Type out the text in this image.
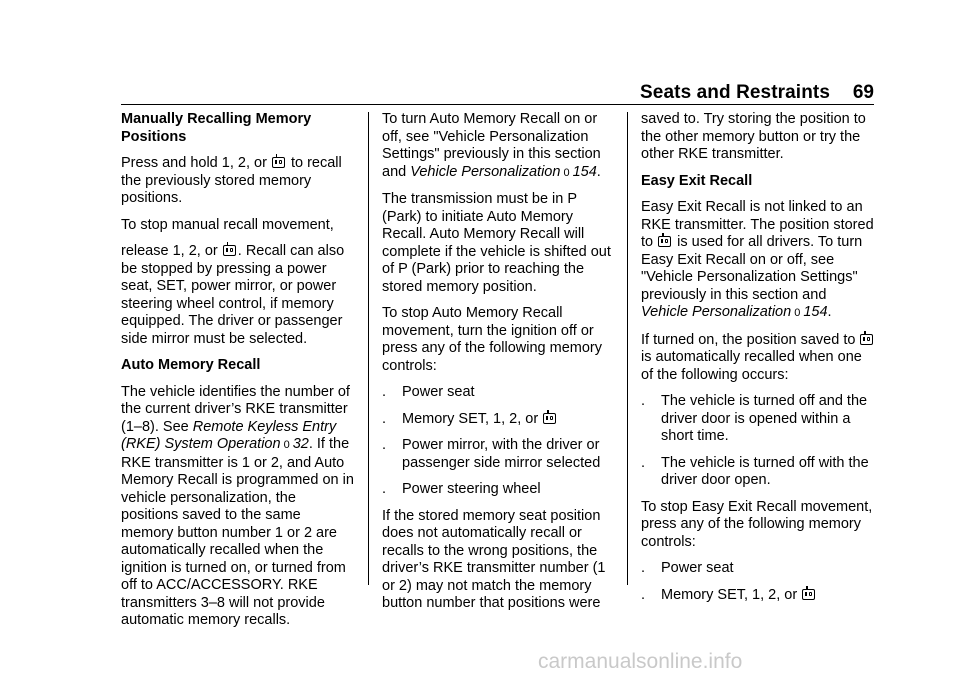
Seats and Restraints 69
Manually Recalling Memory Positions

Press and hold 1, 2, or to recall the previously stored memory positions.

To stop manual recall movement,

release 1, 2, or . Recall can also be stopped by pressing a power seat, SET, power mirror, or power steering wheel control, if memory equipped. The driver or passenger side mirror must be selected.

Auto Memory Recall

The vehicle identifies the number of the current driver’s RKE transmitter (1–8). See Remote Keyless Entry (RKE) System Operation 0 32. If the RKE transmitter is 1 or 2, and Auto Memory Recall is programmed on in vehicle personalization, the positions saved to the same memory button number 1 or 2 are automatically recalled when the ignition is turned on, or turned from off to ACC/ACCESSORY. RKE transmitters 3–8 will not provide automatic memory recalls.

To turn Auto Memory Recall on or off, see "Vehicle Personalization Settings" previously in this section and Vehicle Personalization 0 154.

The transmission must be in P (Park) to initiate Auto Memory Recall. Auto Memory Recall will complete if the vehicle is shifted out of P (Park) prior to reaching the stored memory position.

To stop Auto Memory Recall movement, turn the ignition off or press any of the following memory controls:

. Power seat
. Memory SET, 1, 2, or
. Power mirror, with the driver or passenger side mirror selected
. Power steering wheel

If the stored memory seat position does not automatically recall or recalls to the wrong positions, the driver’s RKE transmitter number (1 or 2) may not match the memory button number that positions were

saved to. Try storing the position to the other memory button or try the other RKE transmitter.

Easy Exit Recall

Easy Exit Recall is not linked to an RKE transmitter. The position stored to is used for all drivers. To turn Easy Exit Recall on or off, see "Vehicle Personalization Settings" previously in this section and Vehicle Personalization 0 154.

If turned on, the position saved to
is automatically recalled when one of the following occurs:

. The vehicle is turned off and the driver door is opened within a short time.
. The vehicle is turned off with the driver door open.

To stop Easy Exit Recall movement, press any of the following memory controls:

. Power seat
. Memory SET, 1, 2, or
carmanualsonline.info
